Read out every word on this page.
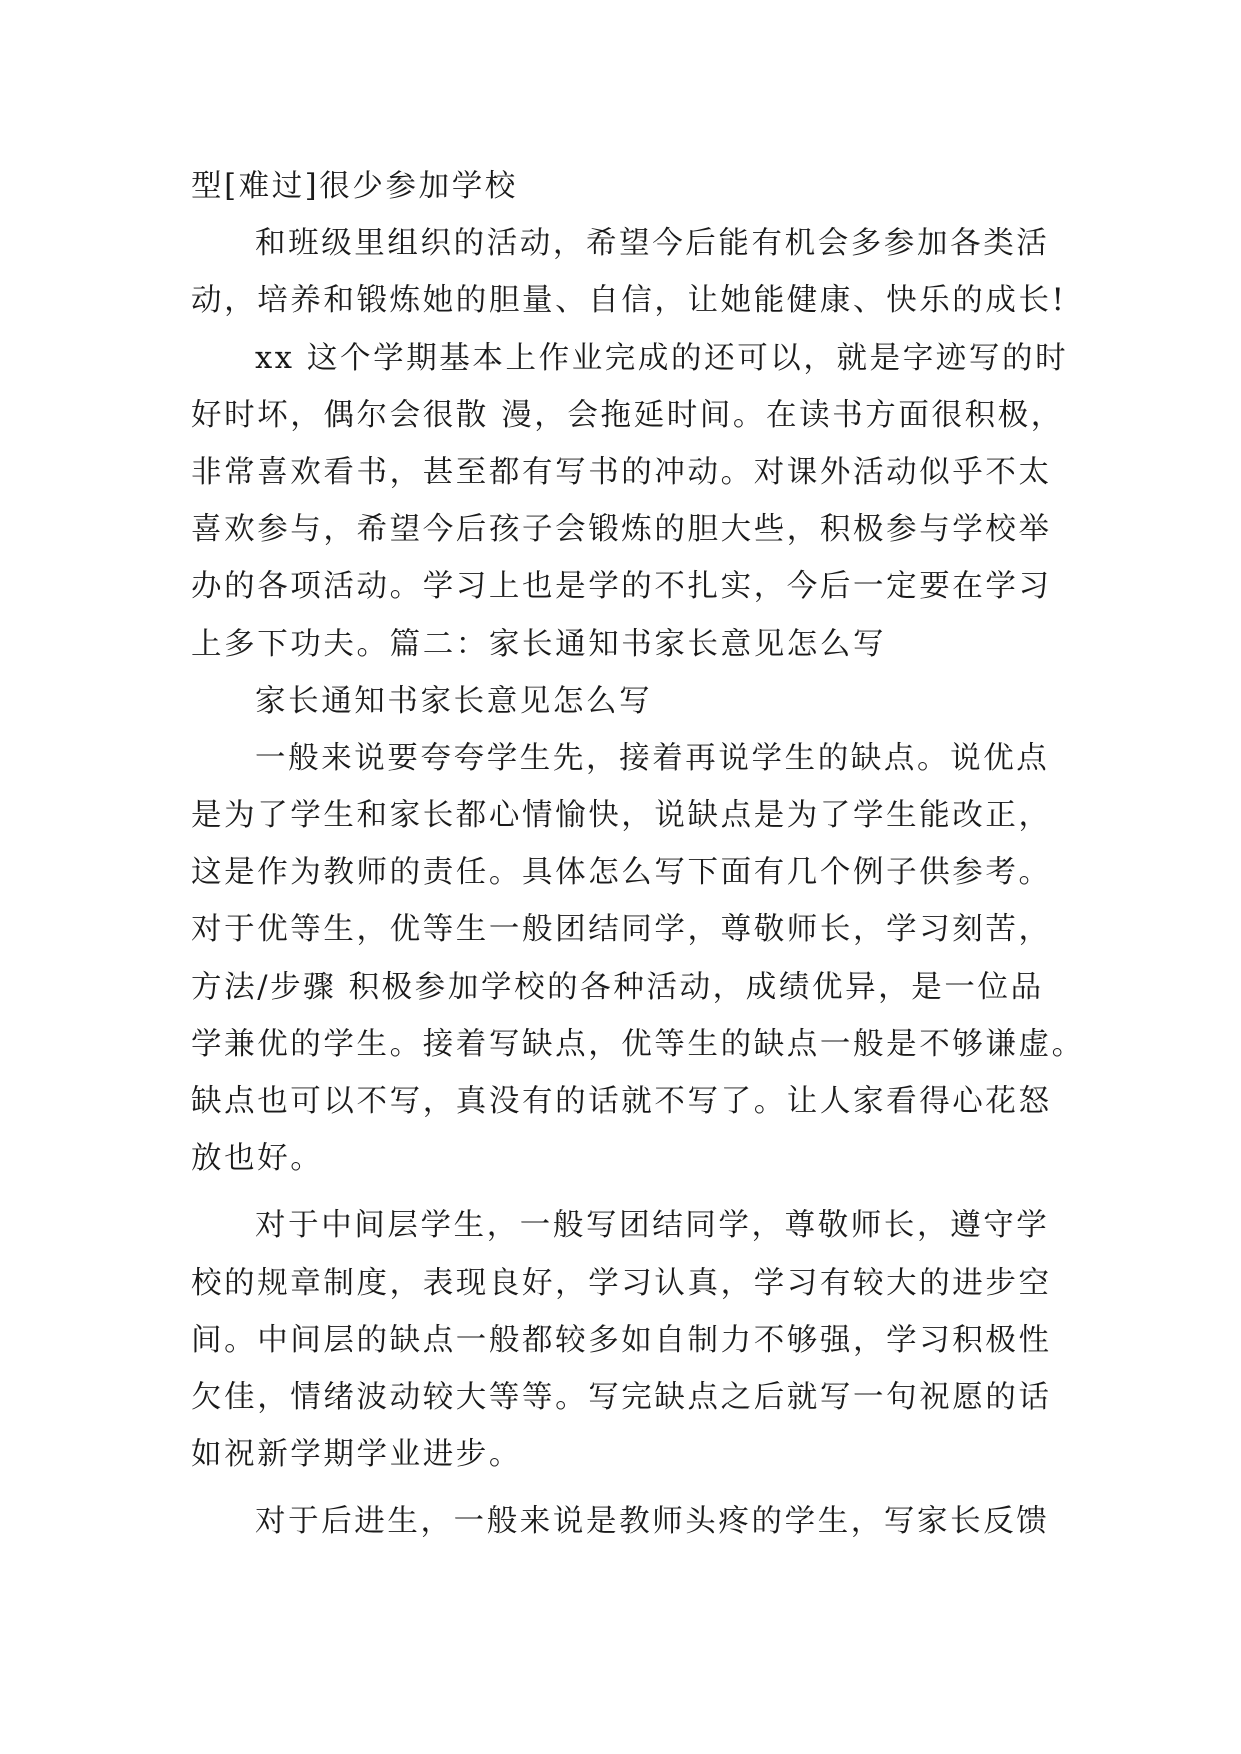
型[难过]很少参加学校
和班级里组织的活动，希望今后能有机会多参加各类活
动，培养和锻炼她的胆量、自信，让她能健康、快乐的成长!
xx 这个学期基本上作业完成的还可以，就是字迹写的时
好时坏，偶尔会很散 漫，会拖延时间。在读书方面很积极，
非常喜欢看书，甚至都有写书的冲动。对课外活动似乎不太
喜欢参与，希望今后孩子会锻炼的胆大些，积极参与学校举
办的各项活动。学习上也是学的不扎实，今后一定要在学习
上多下功夫。篇二：家长通知书家长意见怎么写
家长通知书家长意见怎么写
一般来说要夸夸学生先，接着再说学生的缺点。说优点
是为了学生和家长都心情愉快，说缺点是为了学生能改正，
这是作为教师的责任。具体怎么写下面有几个例子供参考。
对于优等生，优等生一般团结同学，尊敬师长，学习刻苦，
方法/步骤 积极参加学校的各种活动，成绩优异，是一位品
学兼优的学生。接着写缺点，优等生的缺点一般是不够谦虚。
缺点也可以不写，真没有的话就不写了。让人家看得心花怒
放也好。
对于中间层学生，一般写团结同学，尊敬师长，遵守学
校的规章制度，表现良好，学习认真，学习有较大的进步空
间。中间层的缺点一般都较多如自制力不够强，学习积极性
欠佳，情绪波动较大等等。写完缺点之后就写一句祝愿的话
如祝新学期学业进步。
对于后进生，一般来说是教师头疼的学生，写家长反馈
